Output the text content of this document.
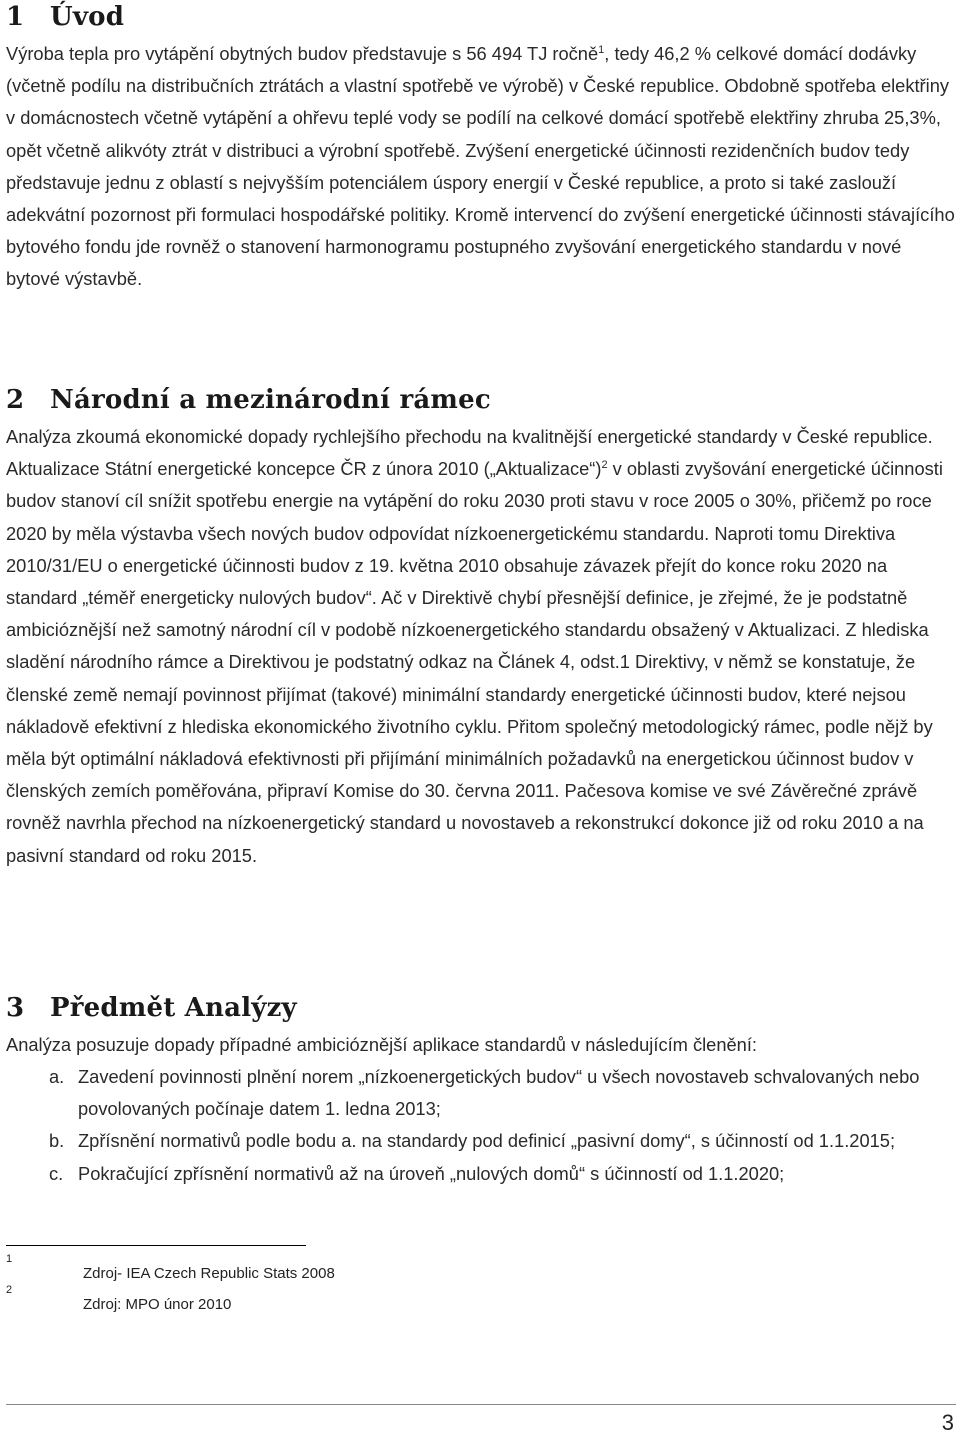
1 Úvod

Výroba tepla pro vytápění obytných budov představuje s 56 494 TJ ročně$^1$, tedy 46,2 % celkové domácí dodávky (včetně podílu na distribučních ztrátách a vlastní spotřebě ve výrobě) v České republice. Obdobně spotřeba elektřiny v domácnostech včetně vytápění a ohřevu teplé vody se podílí na celkové domácí spotřebě elektřiny zhruba 25,3%, opět včetně alikvóty ztrát v distribuci a výrobní spotřebě. Zvýšení energetické účinnosti rezidenčních budov tedy představuje jednu z oblastí s nejvyšším potenciálem úspory energií v České republice, a proto si také zaslouží adekvátní pozornost při formulaci hospodářské politiky. Kromě intervencí do zvýšení energetické účinnosti stávajícího bytového fondu jde rovněž o stanovení harmonogramu postupného zvyšování energetického standardu v nové bytové výstavbě.

2 Národní a mezinárodní rámec

Analýza zkoumá ekonomické dopady rychlejšího přechodu na kvalitnější energetické standardy v České republice. Aktualizace Státní energetické koncepce ČR z února 2010 („Aktualizace“)$^2$ v oblasti zvyšování energetické účinnosti budov stanoví cíl snížit spotřebu energie na vytápění do roku 2030 proti stavu v roce 2005 o 30%, přičemž po roce 2020 by měla výstavba všech nových budov odpovídat nízkoenergetickému standardu. Naproti tomu Direktiva 2010/31/EU o energetické účinnosti budov z 19. května 2010 obsahuje závazek přejít do konce roku 2020 na standard „téměř energeticky nulových budov“. Ač v Direktivě chybí přesnější definice, je zřejmé, že je podstatně ambicióznější než samotný národní cíl v podobě nízkoenergetického standardu obsažený v Aktualizaci. Z hlediska sladění národního rámce a Direktivou je podstatný odkaz na Článek 4, odst.1 Direktivy, v němž se konstatuje, že členské země nemají povinnost přijímat (takové) minimální standardy energetické účinnosti budov, které nejsou nákladově efektivní z hlediska ekonomického životního cyklu. Přitom společný metodologický rámec, podle nějž by měla být optimální nákladová efektivnosti při přijímání minimálních požadavků na energetickou účinnost budov v členských zemích poměřována, připraví Komise do 30. června 2011. Pačesova komise ve své Závěrečné zprávě rovněž navrhla přechod na nízkoenergetický standard u novostaveb a rekonstrukcí dokonce již od roku 2010 a na pasivní standard od roku 2015.

3 Předmět Analýzy

Analýza posuzuje dopady případné ambicióznější aplikace standardů v následujícím členění:

a. Zavedení povinnosti plnění norem „nízkoenergetických budov“ u všech novostaveb schvalovaných nebo povolovaných počínaje datem 1. ledna 2013;
b. Zpřísnění normativů podle bodu a. na standardy pod definicí „pasivní domy“, s účinností od 1.1.2015;
c. Pokračující zpřísnění normativů až na úroveň „nulových domů“ s účinností od 1.1.2020;
1
Zdroj- IEA Czech Republic Stats 2008
2
Zdroj: MPO únor 2010
3
